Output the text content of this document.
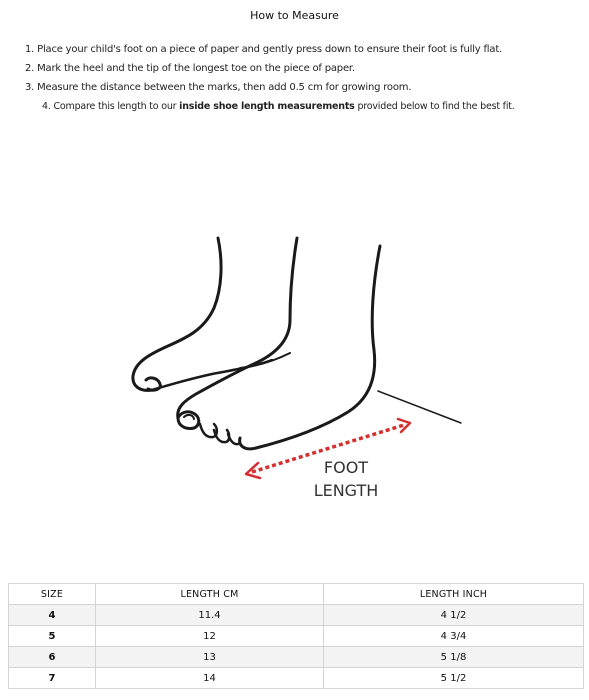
How to Measure
1. Place your child's foot on a piece of paper and gently press down to ensure their foot is fully flat.
2. Mark the heel and the tip of the longest toe on the piece of paper.
3. Measure the distance between the marks, then add 0.5 cm for growing room.
4. Compare this length to our inside shoe length measurements provided below to find the best fit.
FOOT
LENGTH
SIZE	LENGTH CM	LENGTH INCH
4	11.4	4 1/2
5	12	4 3/4
6	13	5 1/8
7	14	5 1/2
